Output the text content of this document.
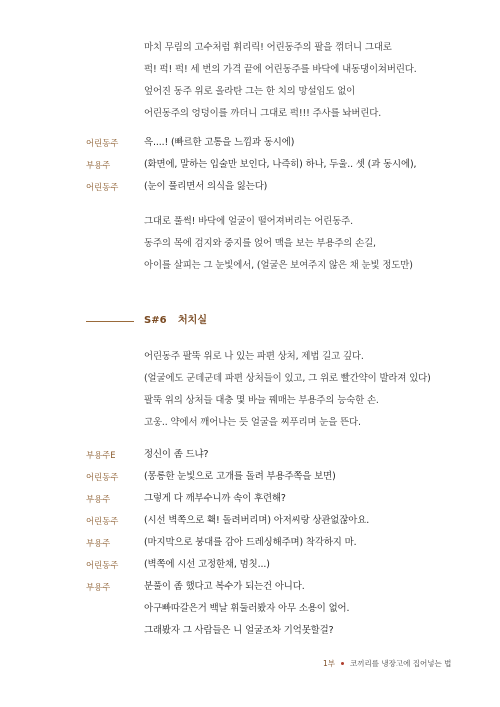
마치 무림의 고수처럼 휘리릭! 어린동주의 팔을 꺾더니 그대로
퍽! 퍽! 퍽! 세 번의 가격 끝에 어린동주를 바닥에 내동댕이쳐버린다.
엎어진 동주 위로 올라탄 그는 한 치의 망설임도 없이
어린동주의 엉덩이를 까더니 그대로 퍽!!! 주사를 놔버린다.
어린동주	윽....! (빠르한 고통을 느낌과 동시에)
부용주	(화면에, 말하는 입술만 보인다, 나즉히) 하나, 두울.. 셋 (과 동시에),
어린동주	(눈이 풀리면서 의식을 잃는다)
그대로 풀썩! 바닥에 얼굴이 떨어져버리는 어린동주.
동주의 목에 검지와 중지를 얹어 맥을 보는 부용주의 손길,
아이를 살피는 그 눈빛에서, (얼굴은 보여주지 않은 채 눈빛 정도만)
S#6 처치실
어린동주 팔뚝 위로 나 있는 파편 상처, 제법 길고 깊다.
(얼굴에도 군데군데 파편 상처들이 있고, 그 위로 빨간약이 발라져 있다)
팔뚝 위의 상처들 대충 몇 바늘 꿰매는 부용주의 능숙한 손.
고웅.. 약에서 깨어나는 듯 얼굴을 찌푸리며 눈을 뜬다.
부용주E	정신이 좀 드냐?
어린동주	(몽롱한 눈빛으로 고개를 돌려 부용주쪽을 보면)
부용주	그렇게 다 깨부수니까 속이 후련해?
어린동주	(시선 벽쪽으로 홱! 돌려버리며) 아저씨랑 상관없잖아요.
부용주	(마지막으로 붕대를 감아 드레싱해주며) 착각하지 마.
어린동주	(벽쪽에 시선 고정한채, 멈칫...)
부용주	분풀이 좀 했다고 복수가 되는건 아니다.
아구빠따갈은거 백날 휘둘러봤자 아무 소용이 없어.
그래봤자 그 사람들은 니 얼굴조차 기억못할걸?
1부 코끼리를 냉장고에 집어넣는 법
